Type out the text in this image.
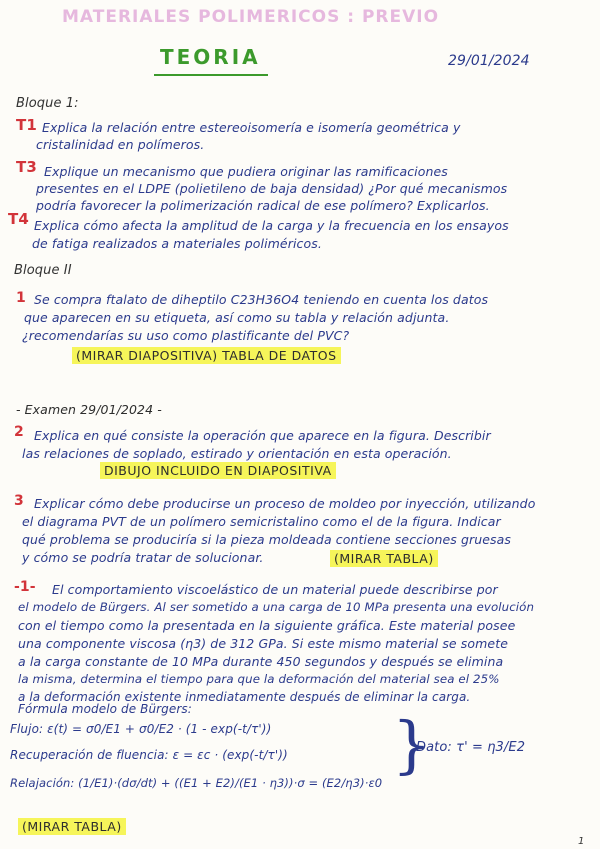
MATERIALES POLIMERICOS : PREVIO
TEORIA	29/01/2024
Bloque 1:
T1 Explica la relación entre estereoisomería e isomería geométrica y
cristalinidad en polímeros.
T3 Explique un mecanismo que pudiera originar las ramificaciones
presentes en el LDPE (polietileno de baja densidad) ¿Por qué mecanismos
podría favorecer la polimerización radical de ese polímero? Explicarlos.
T4 Explica cómo afecta la amplitud de la carga y la frecuencia en los ensayos
de fatiga realizados a materiales poliméricos.
Bloque II
1 Se compra ftalato de diheptilo C23H36O4 teniendo en cuenta los datos
que aparecen en su etiqueta, así como su tabla y relación adjunta.
¿recomendarías su uso como plastificante del PVC?
(MIRAR DIAPOSITIVA) TABLA DE DATOS
- Examen 29/01/2024 -
2 Explica en qué consiste la operación que aparece en la figura. Describir
las relaciones de soplado, estirado y orientación en esta operación.
DIBUJO INCLUIDO EN DIAPOSITIVA
3 Explicar cómo debe producirse un proceso de moldeo por inyección, utilizando
el diagrama PVT de un polímero semicristalino como el de la figura. Indicar
qué problema se produciría si la pieza moldeada contiene secciones gruesas
y cómo se podría tratar de solucionar.	(MIRAR TABLA)
-1- El comportamiento viscoelástico de un material puede describirse por
el modelo de Bürgers. Al ser sometido a una carga de 10 MPa presenta una evolución
con el tiempo como la presentada en la siguiente gráfica. Este material posee
una componente viscosa (η3) de 312 GPa. Si este mismo material se somete
a la carga constante de 10 MPa durante 450 segundos y después se elimina
la misma, determina el tiempo para que la deformación del material sea el 25%
a la deformación existente inmediatamente después de eliminar la carga.
Fórmula modelo de Bürgers:
Flujo: ε(t) = σ0/E1 + σ0/E2 · (1 - exp(-t/τ'))
Recuperación de fluencia: ε = εc · (exp(-t/τ'))
Relajación: (1/E1)·(dσ/dt) + ((E1 + E2)/(E1 · η3))·σ = (E2/η3)·ε0
}
Dato: τ' = η3/E2
(MIRAR TABLA)
1
